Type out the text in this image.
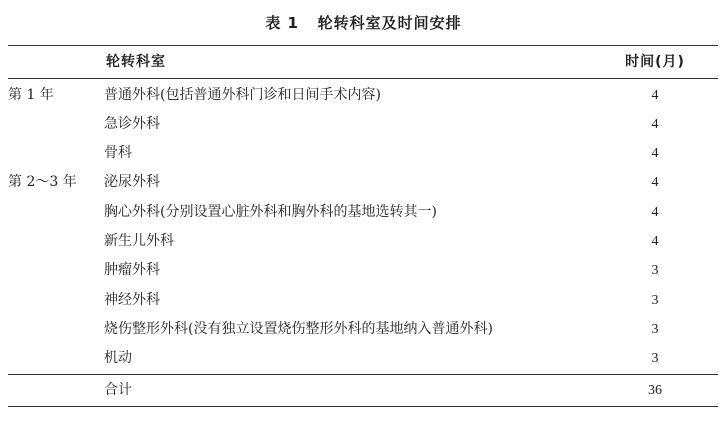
表 1   轮转科室及时间安排
轮转科室	时间(月)
第 1 年	普通外科(包括普通外科门诊和日间手术内容)	4
急诊外科	4
骨科	4
第 2～3 年	泌尿外科	4
胸心外科(分别设置心脏外科和胸外科的基地选转其一)	4
新生儿外科	4
肿瘤外科	3
神经外科	3
烧伤整形外科(没有独立设置烧伤整形外科的基地纳入普通外科)	3
机动	3
合计	36
